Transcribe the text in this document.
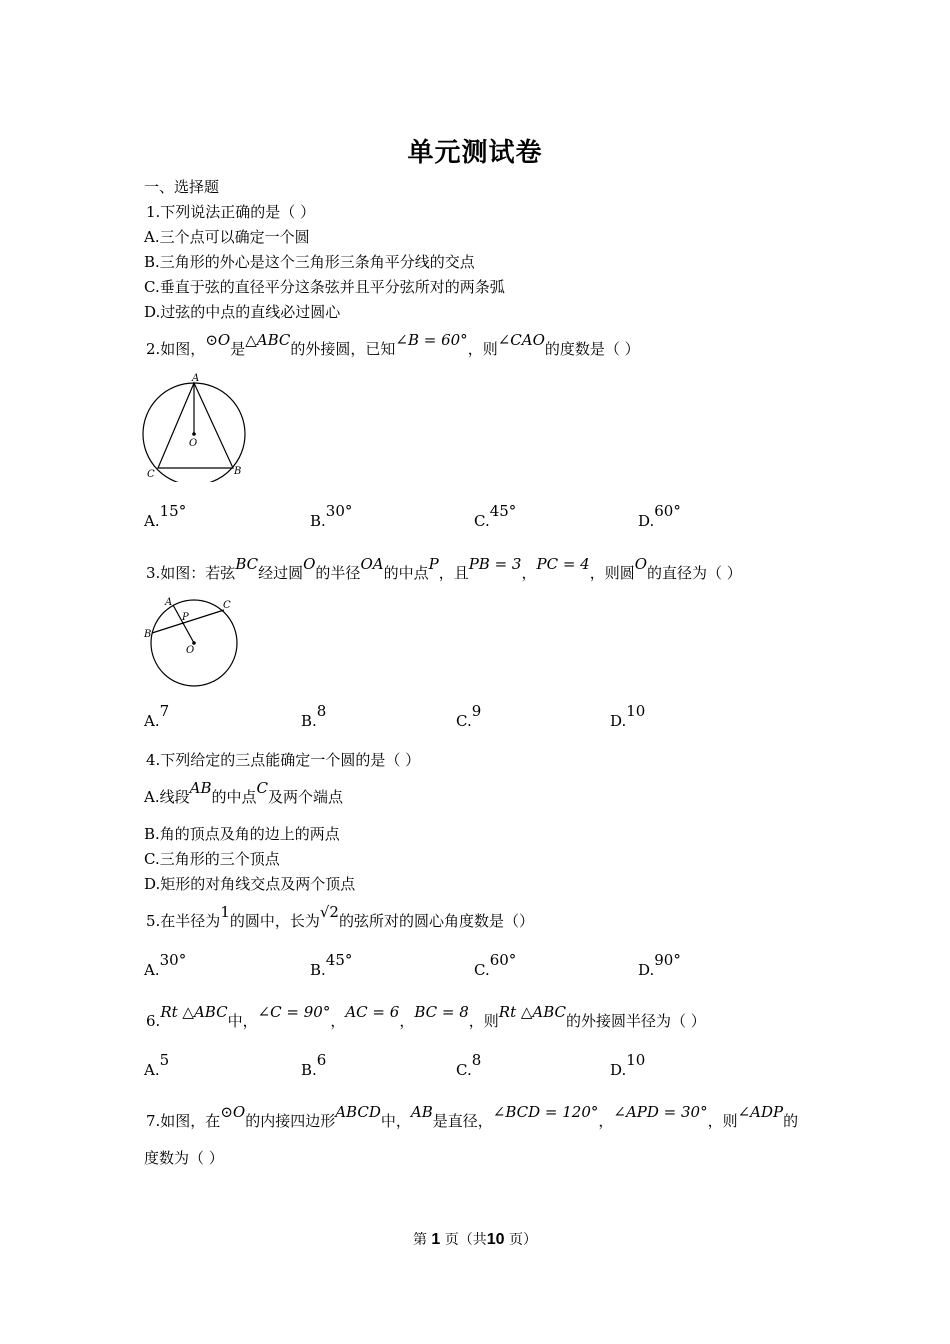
单元测试卷
一、选择题
1.下列说法正确的是（ ）
A.三个点可以确定一个圆
B.三角形的外心是这个三角形三条角平分线的交点
C.垂直于弦的直径平分这条弦并且平分弦所对的两条弧
D.过弦的中点的直线必过圆心
2.如图，⊙O是△ABC的外接圆，已知∠B = 60°，则∠CAO的度数是（ ）
A
O
C	B
A.15°
B.30°
C.45°
D.60°
3.如图：若弦BC经过圆O的半径OA的中点P，且PB = 3，PC = 4，则圆O的直径为（ ）
A
P
C
B
O
A.7
B.8
C.9
D.10
4.下列给定的三点能确定一个圆的是（ ）
A.线段AB的中点C及两个端点
B.角的顶点及角的边上的两点
C.三角形的三个顶点
D.矩形的对角线交点及两个顶点
5.在半径为1的圆中，长为√2的弦所对的圆心角度数是（）
A.30°
B.45°
C.60°
D.90°
6.Rt △ABC中，∠C = 90°，AC = 6，BC = 8，则Rt △ABC的外接圆半径为（ ）
A.5
B.6
C.8
D.10
7.如图，在⊙O的内接四边形ABCD中，AB是直径，∠BCD = 120°，∠APD = 30°，则∠ADP的
度数为（ ）
第 1 页（共10 页）
